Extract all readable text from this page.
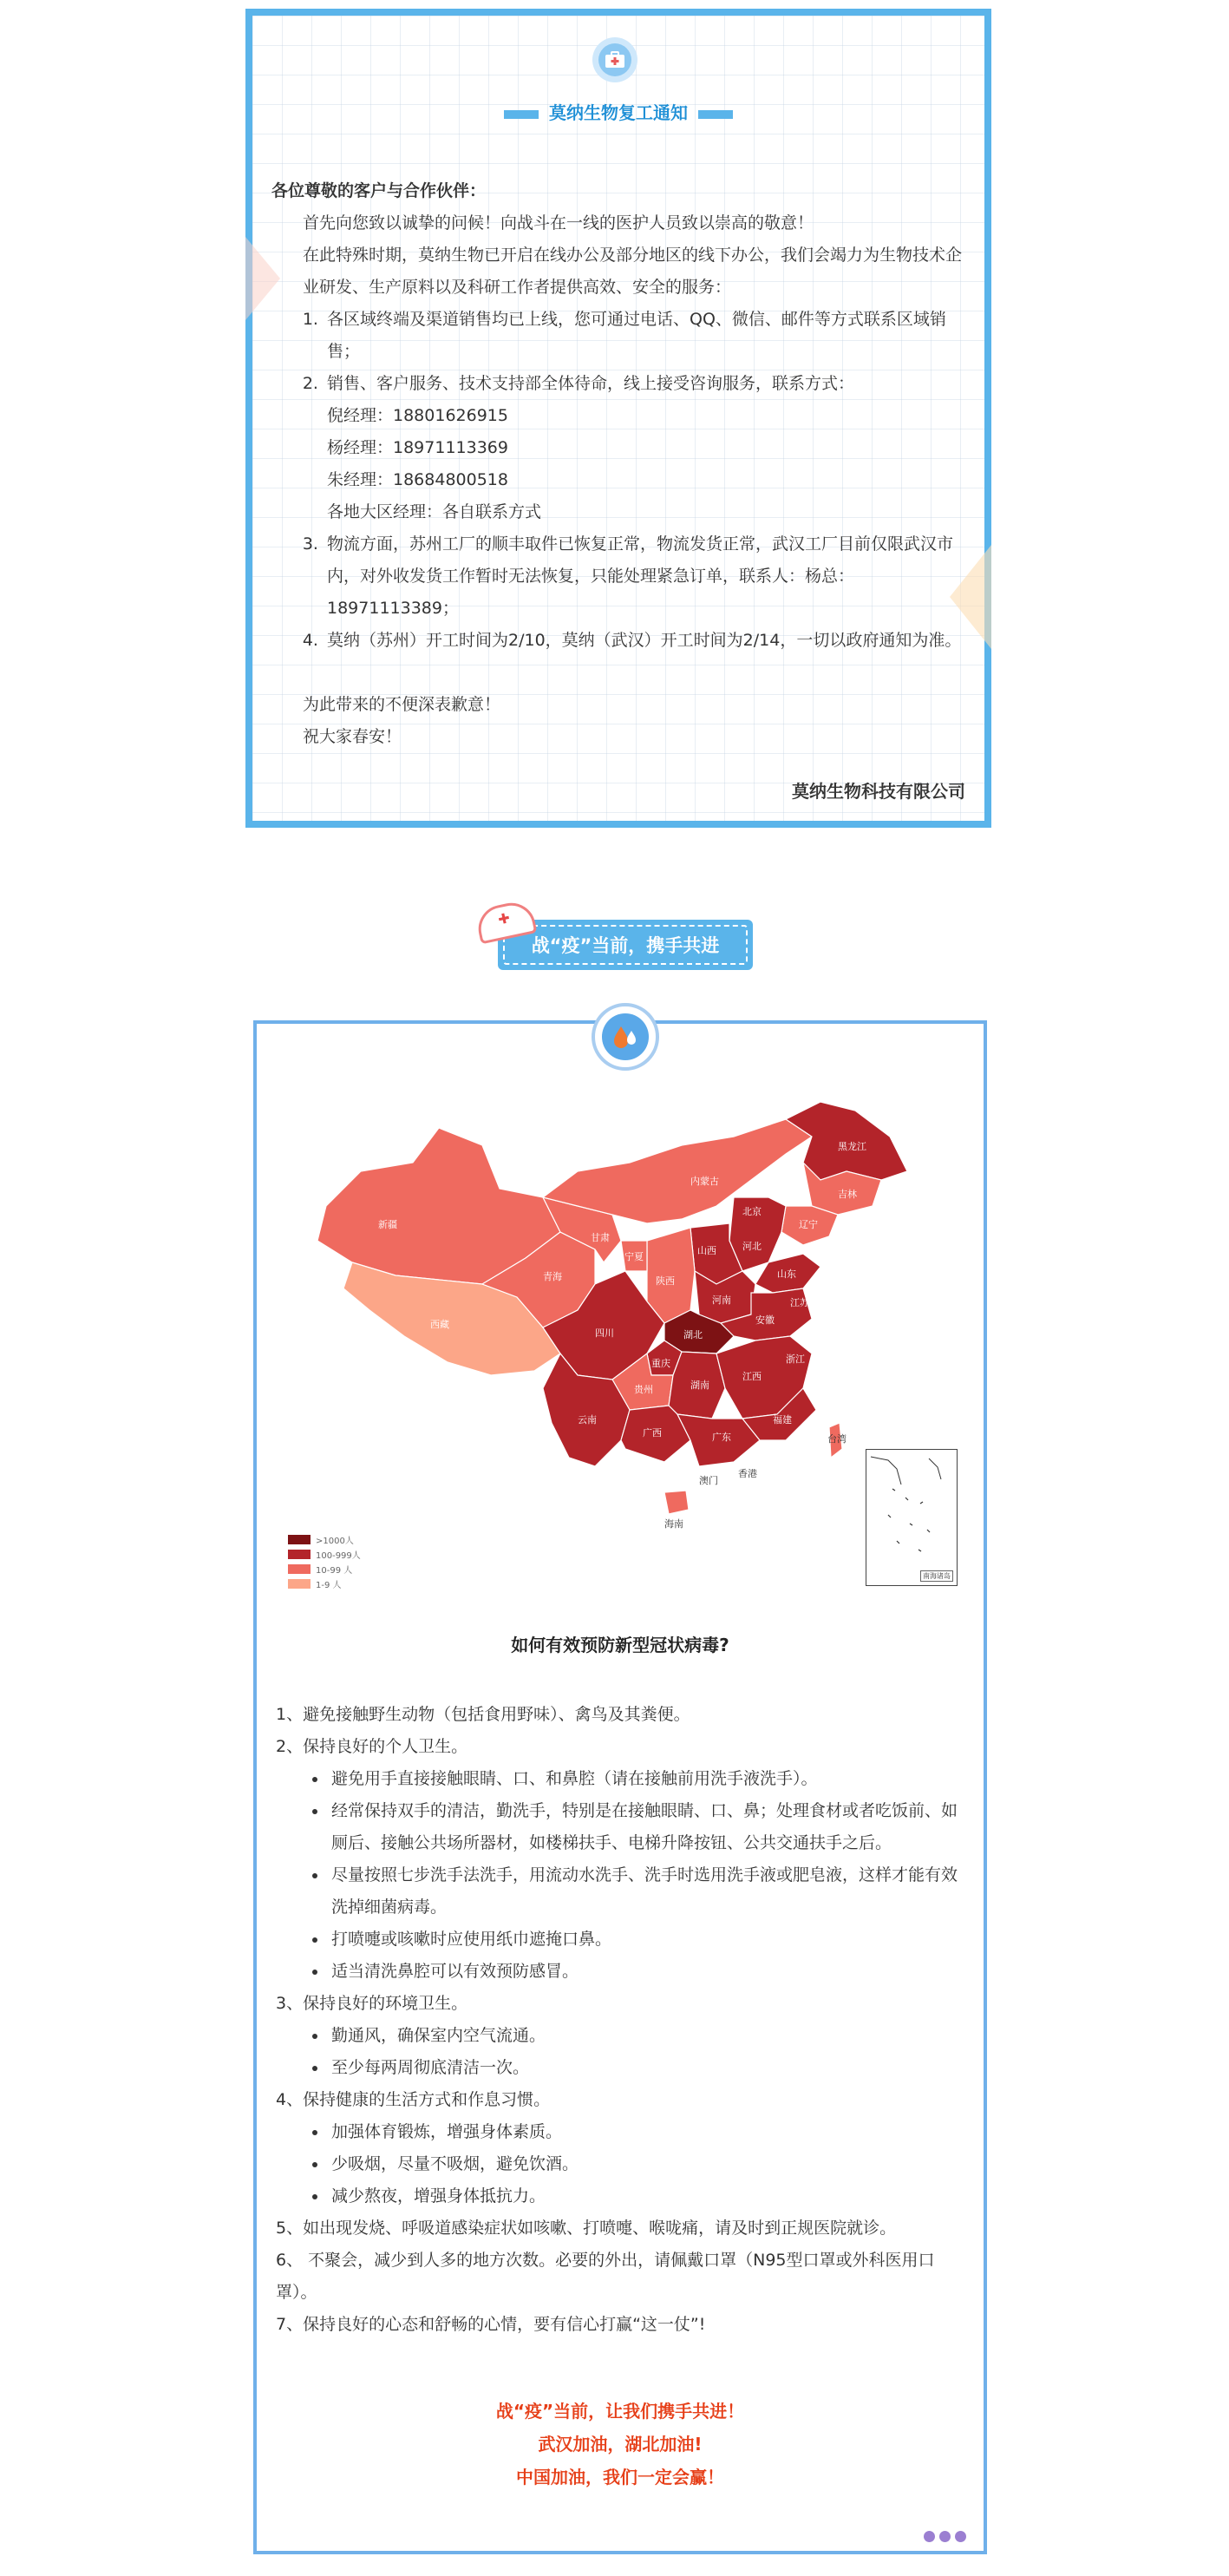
莫纳生物复工通知

各位尊敬的客户与合作伙伴：

首先向您致以诚挚的问候！向战斗在一线的医护人员致以崇高的敬意！

在此特殊时期，莫纳生物已开启在线办公及部分地区的线下办公，我们会竭力为生物技术企业研发、生产原料以及科研工作者提供高效、安全的服务：

1. 各区域终端及渠道销售均已上线，您可通过电话、QQ、微信、邮件等方式联系区域销售；
2. 销售、客户服务、技术支持部全体待命，线上接受咨询服务，联系方式：
倪经理：18801626915
杨经理：18971113369
朱经理：18684800518
各地大区经理：各自联系方式
3. 物流方面，苏州工厂的顺丰取件已恢复正常，物流发货正常，武汉工厂目前仅限武汉市内，对外收发货工作暂时无法恢复，只能处理紧急订单，联系人：杨总：18971113389；
4. 莫纳（苏州）开工时间为2/10，莫纳（武汉）开工时间为2/14，一切以政府通知为准。

为此带来的不便深表歉意！

祝大家春安！

莫纳生物科技有限公司
战“疫”当前，携手共进
✚
新疆
西藏
青海
甘肃
内蒙古
黑龙江
吉林
辽宁
北京
河北
山西
山东
陕西
宁夏
河南
四川	湖北
安徽
江苏
上海
重庆
贵州	湖南
江西
浙江
云南
广西	广东
福建
台湾
海南
香港
澳门
南海诸岛
>1000人
100-999人
10-99 人
1-9 人
如何有效预防新型冠状病毒?

1、避免接触野生动物（包括食用野味）、禽鸟及其粪便。

2、保持良好的个人卫生。

• 避免用手直接接触眼睛、口、和鼻腔（请在接触前用洗手液洗手）。
• 经常保持双手的清洁，勤洗手，特别是在接触眼睛、口、鼻；处理食材或者吃饭前、如厕后、接触公共场所器材，如楼梯扶手、电梯升降按钮、公共交通扶手之后。
• 尽量按照七步洗手法洗手，用流动水洗手、洗手时选用洗手液或肥皂液，这样才能有效洗掉细菌病毒。
• 打喷嚏或咳嗽时应使用纸巾遮掩口鼻。
• 适当清洗鼻腔可以有效预防感冒。

3、保持良好的环境卫生。

• 勤通风，确保室内空气流通。
• 至少每两周彻底清洁一次。

4、保持健康的生活方式和作息习惯。

• 加强体育锻炼，增强身体素质。
• 少吸烟，尽量不吸烟，避免饮酒。
• 减少熬夜，增强身体抵抗力。

5、如出现发烧、呼吸道感染症状如咳嗽、打喷嚏、喉咙痛，请及时到正规医院就诊。

6、 不聚会，减少到人多的地方次数。必要的外出，请佩戴口罩（N95型口罩或外科医用口罩）。

7、保持良好的心态和舒畅的心情，要有信心打赢“这一仗”!

战“疫”当前，让我们携手共进！
武汉加油，湖北加油!
中国加油，我们一定会赢！
